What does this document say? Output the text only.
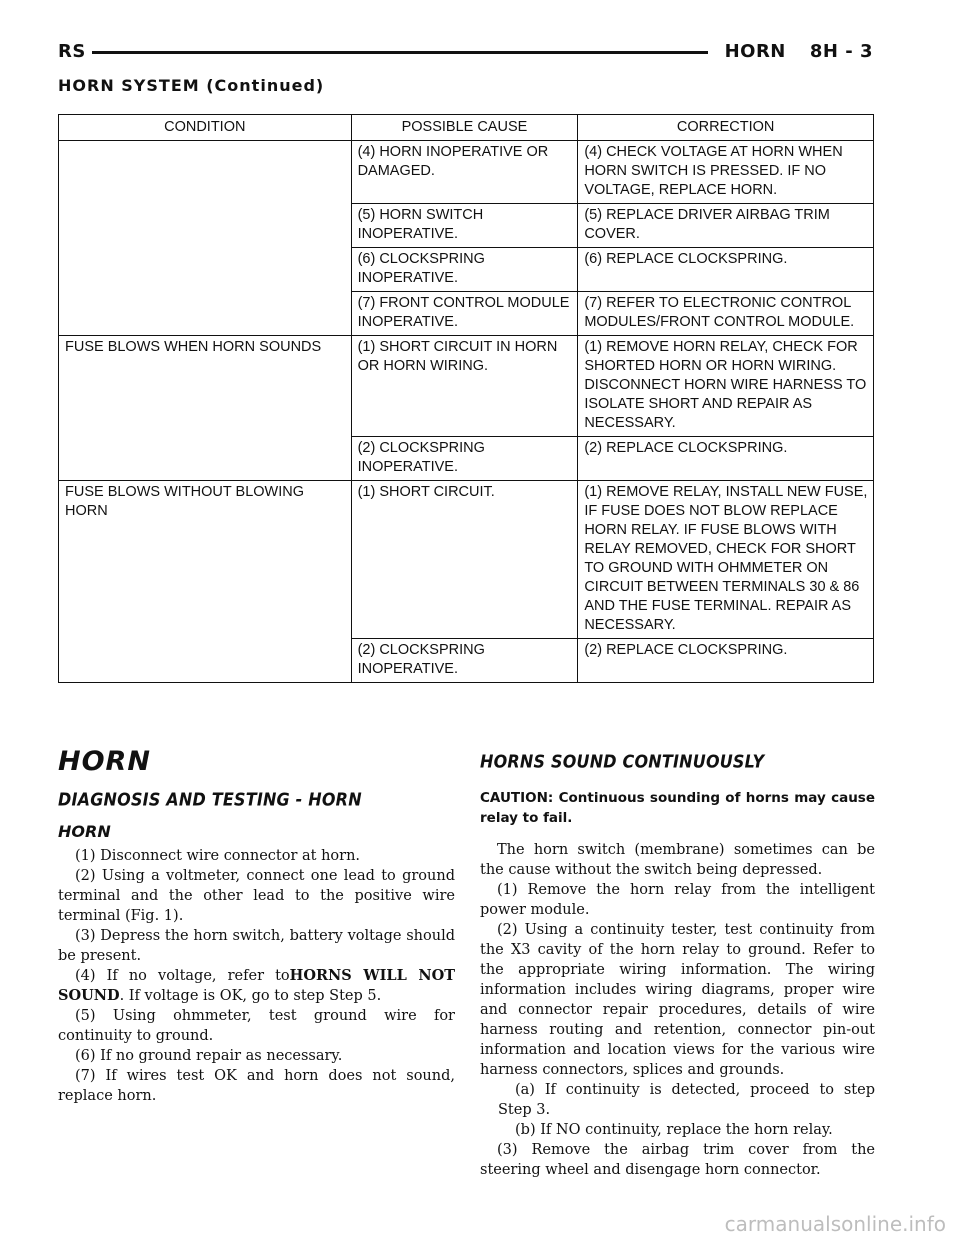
RS	HORN 8H - 3
HORN SYSTEM (Continued)
CONDITION	POSSIBLE CAUSE	CORRECTION
	(4) HORN INOPERATIVE OR DAMAGED.	(4) CHECK VOLTAGE AT HORN WHEN HORN SWITCH IS PRESSED. IF NO VOLTAGE, REPLACE HORN.
	(5) HORN SWITCH INOPERATIVE.	(5) REPLACE DRIVER AIRBAG TRIM COVER.
	(6) CLOCKSPRING INOPERATIVE.	(6) REPLACE CLOCKSPRING.
	(7) FRONT CONTROL MODULE INOPERATIVE.	(7) REFER TO ELECTRONIC CONTROL MODULES/FRONT CONTROL MODULE.
FUSE BLOWS WHEN HORN SOUNDS	(1) SHORT CIRCUIT IN HORN OR HORN WIRING.	(1) REMOVE HORN RELAY, CHECK FOR SHORTED HORN OR HORN WIRING. DISCONNECT HORN WIRE HARNESS TO ISOLATE SHORT AND REPAIR AS NECESSARY.
	(2) CLOCKSPRING INOPERATIVE.	(2) REPLACE CLOCKSPRING.
FUSE BLOWS WITHOUT BLOWING HORN	(1) SHORT CIRCUIT.	(1) REMOVE RELAY, INSTALL NEW FUSE, IF FUSE DOES NOT BLOW REPLACE HORN RELAY. IF FUSE BLOWS WITH RELAY REMOVED, CHECK FOR SHORT TO GROUND WITH OHMMETER ON CIRCUIT BETWEEN TERMINALS 30 & 86 AND THE FUSE TERMINAL. REPAIR AS NECESSARY.
	(2) CLOCKSPRING INOPERATIVE.	(2) REPLACE CLOCKSPRING.
HORN
DIAGNOSIS AND TESTING - HORN
HORN

(1) Disconnect wire connector at horn.

(2) Using a voltmeter, connect one lead to ground terminal and the other lead to the positive wire terminal (Fig. 1).

(3) Depress the horn switch, battery voltage should be present.

(4) If no voltage, refer toHORNS WILL NOT SOUND. If voltage is OK, go to step Step 5.

(5) Using ohmmeter, test ground wire for continuity to ground.

(6) If no ground repair as necessary.

(7) If wires test OK and horn does not sound, replace horn.

HORNS SOUND CONTINUOUSLY

CAUTION: Continuous sounding of horns may cause relay to fail.

The horn switch (membrane) sometimes can be the cause without the switch being depressed.

(1) Remove the horn relay from the intelligent power module.

(2) Using a continuity tester, test continuity from the X3 cavity of the horn relay to ground. Refer to the appropriate wiring information. The wiring information includes wiring diagrams, proper wire and connector repair procedures, details of wire harness routing and retention, connector pin-out information and location views for the various wire harness connectors, splices and grounds.

(a) If continuity is detected, proceed to step Step 3.

(b) If NO continuity, replace the horn relay.

(3) Remove the airbag trim cover from the steering wheel and disengage horn connector.

carmanualsonline.info
